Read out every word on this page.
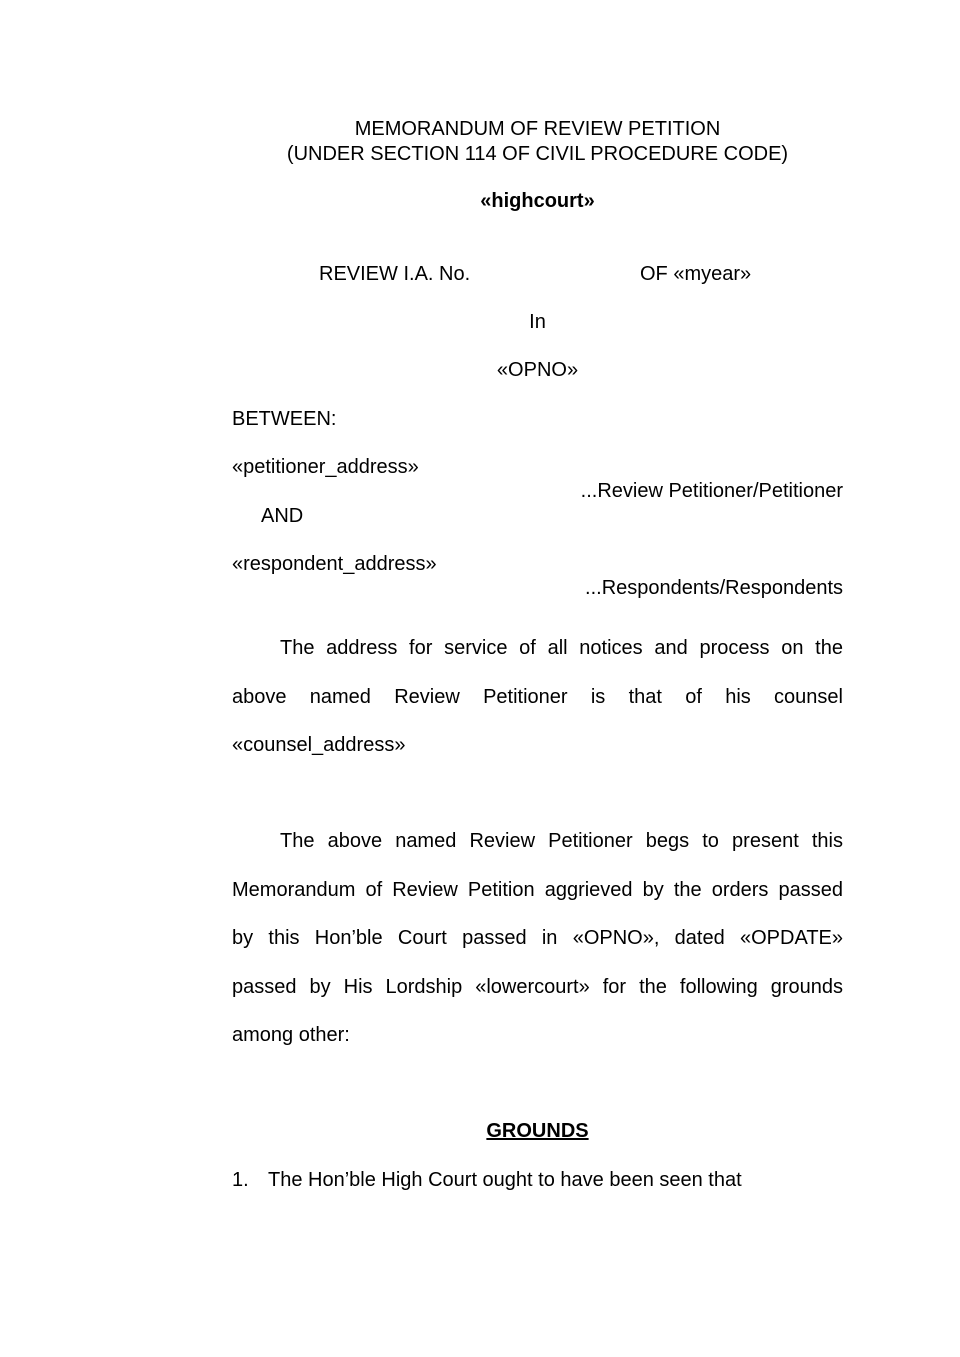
MEMORANDUM OF REVIEW PETITION
(UNDER SECTION 114 OF CIVIL PROCEDURE CODE)
«highcourt»
REVIEW I.A. No.	OF «myear»
In
«OPNO»
BETWEEN:
«petitioner_address»
...Review Petitioner/Petitioner
AND
«respondent_address»
...Respondents/Respondents
The address for service of all notices and process on the
above named Review Petitioner is that of his counsel
«counsel_address»
The above named Review Petitioner begs to present this
Memorandum of Review Petition aggrieved by the orders passed
by this Hon’ble Court passed in «OPNO», dated «OPDATE»
passed by His Lordship «lowercourt» for the following grounds
among other:
GROUNDS
1. The Hon’ble High Court ought to have been seen that
